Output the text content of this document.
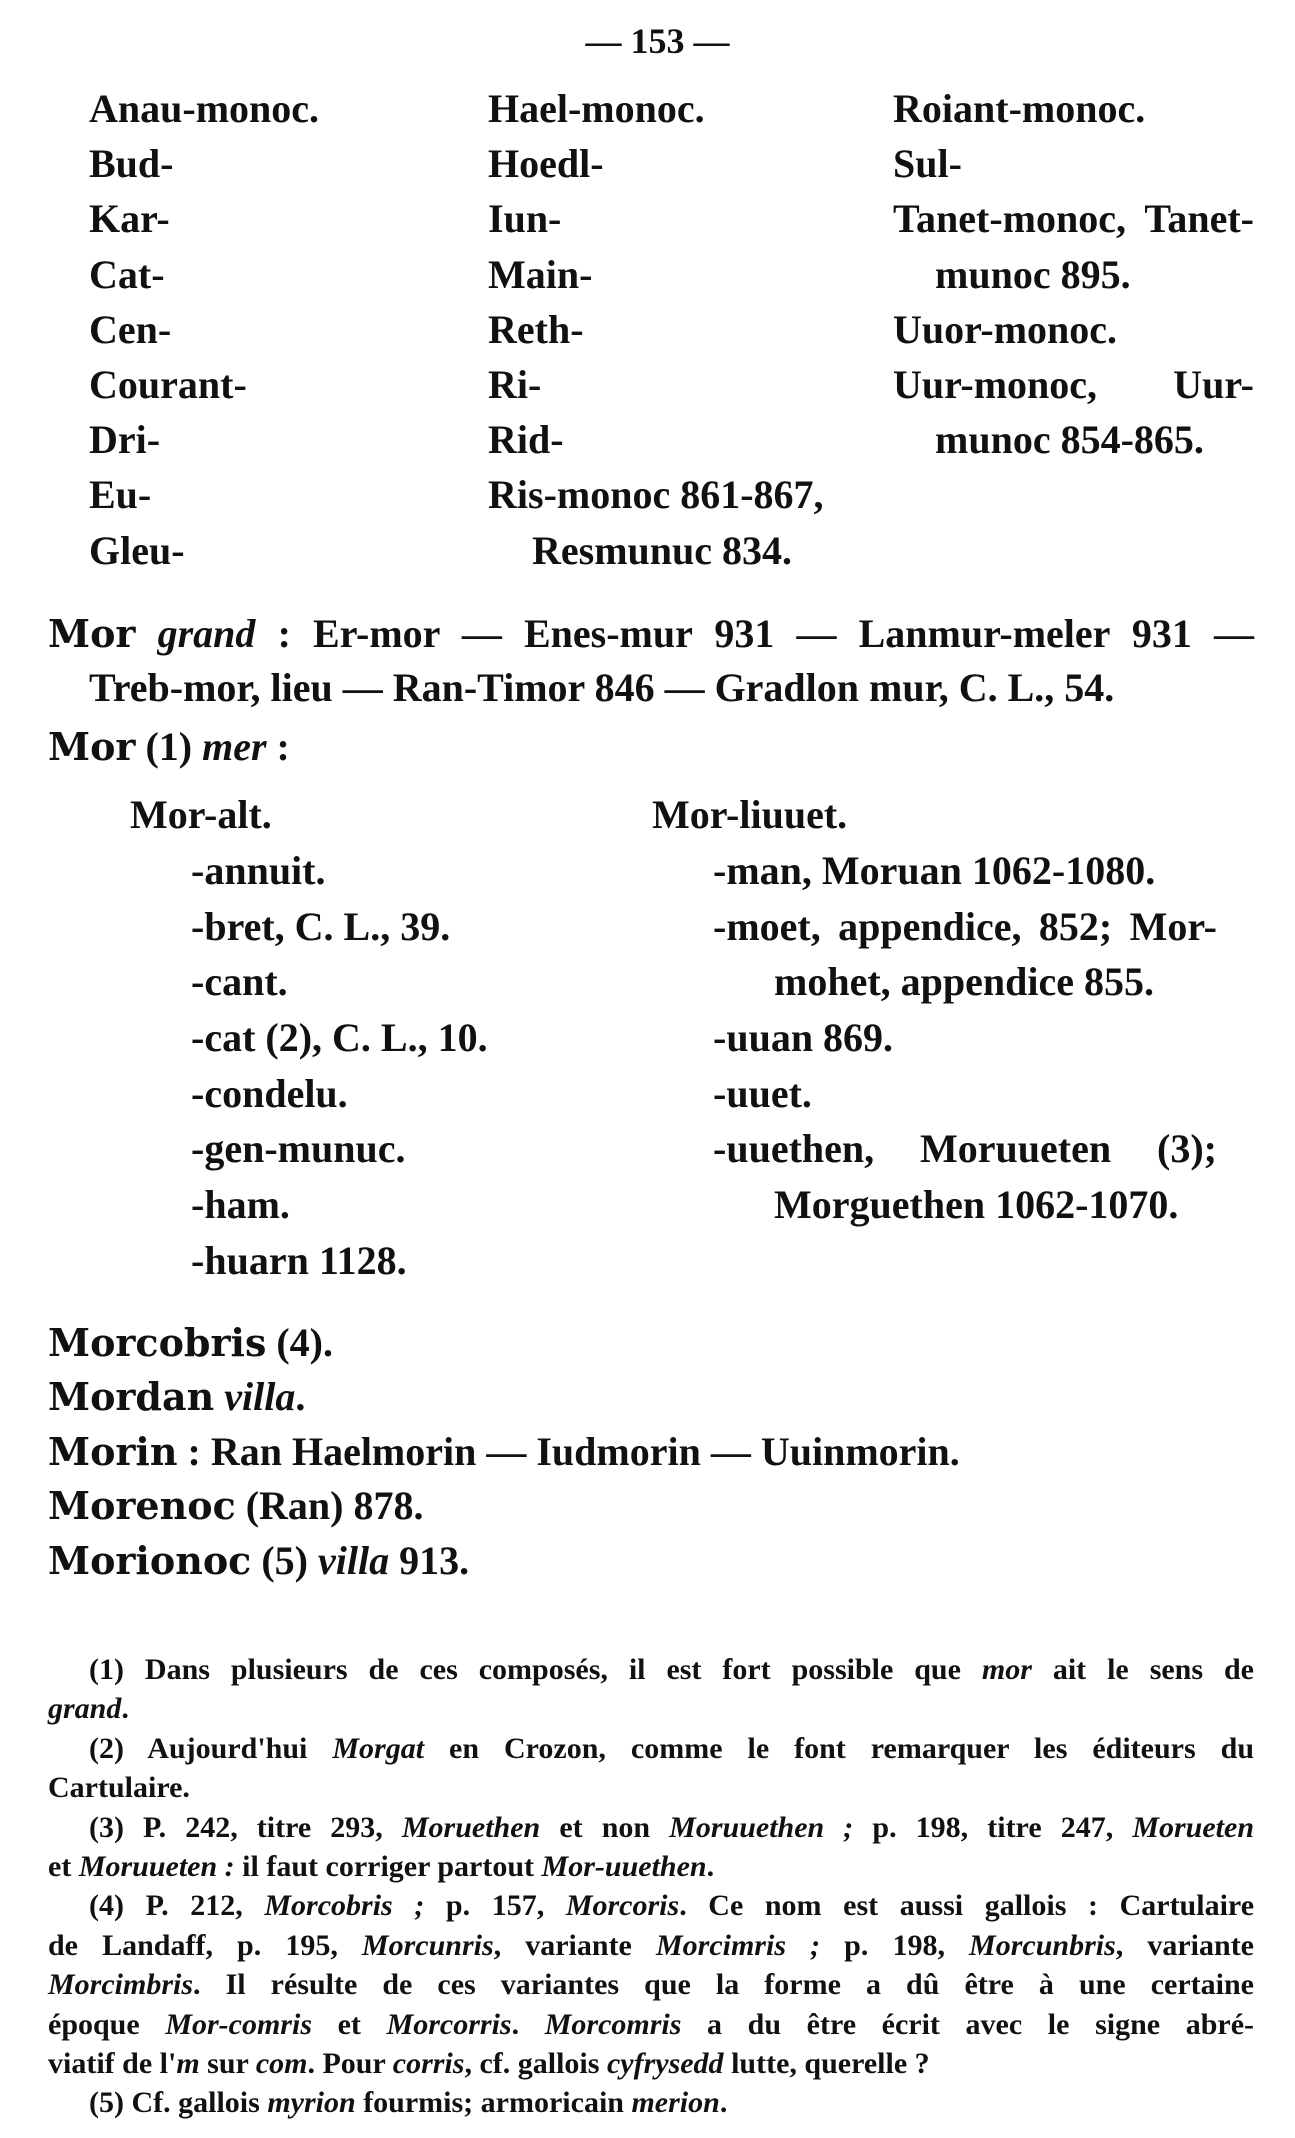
— 153 —
Anau-monoc.
Bud-
Kar-
Cat-
Cen-
Courant-
Dri-
Eu-
Gleu-
Hael-monoc.
Hoedl-
Iun-
Main-
Reth-
Ri-
Rid-
Ris-monoc 861-867,
Resmunuc 834.
Roiant-monoc.
Sul-
Tanet-monoc, Tanet-
munoc 895.
Uuor-monoc.
Uur-monoc, Uur-
munoc 854-865.
Mor grand : Er-mor — Enes-mur 931 — Lanmur-meler 931 —
Treb-mor, lieu — Ran-Timor 846 — Gradlon mur, C. L., 54.
Mor (1) mer :
Mor-alt.
-annuit.
-bret, C. L., 39.
-cant.
-cat (2), C. L., 10.
-condelu.
-gen-munuc.
-ham.
-huarn 1128.
Mor-liuuet.
-man, Moruan 1062-1080.
-moet, appendice, 852; Mor-
mohet, appendice 855.
-uuan 869.
-uuet.
-uuethen, Moruueten (3);
Morguethen 1062-1070.
Morcobris (4).
Mordan villa.
Morin : Ran Haelmorin — Iudmorin — Uuinmorin.
Morenoc (Ran) 878.
Morionoc (5) villa 913.
(1) Dans plusieurs de ces composés, il est fort possible que mor ait le sens de
grand.
(2) Aujourd'hui Morgat en Crozon, comme le font remarquer les éditeurs du
Cartulaire.
(3) P. 242, titre 293, Moruethen et non Moruuethen ; p. 198, titre 247, Morueten
et Moruueten : il faut corriger partout Mor-uuethen.
(4) P. 212, Morcobris ; p. 157, Morcoris. Ce nom est aussi gallois : Cartulaire
de Landaff, p. 195, Morcunris, variante Morcimris ; p. 198, Morcunbris, variante
Morcimbris. Il résulte de ces variantes que la forme a dû être à une certaine
époque Mor-comris et Morcorris. Morcomris a du être écrit avec le signe abré-
viatif de l'm sur com. Pour corris, cf. gallois cyfrysedd lutte, querelle ?
(5) Cf. gallois myrion fourmis; armoricain merion.
